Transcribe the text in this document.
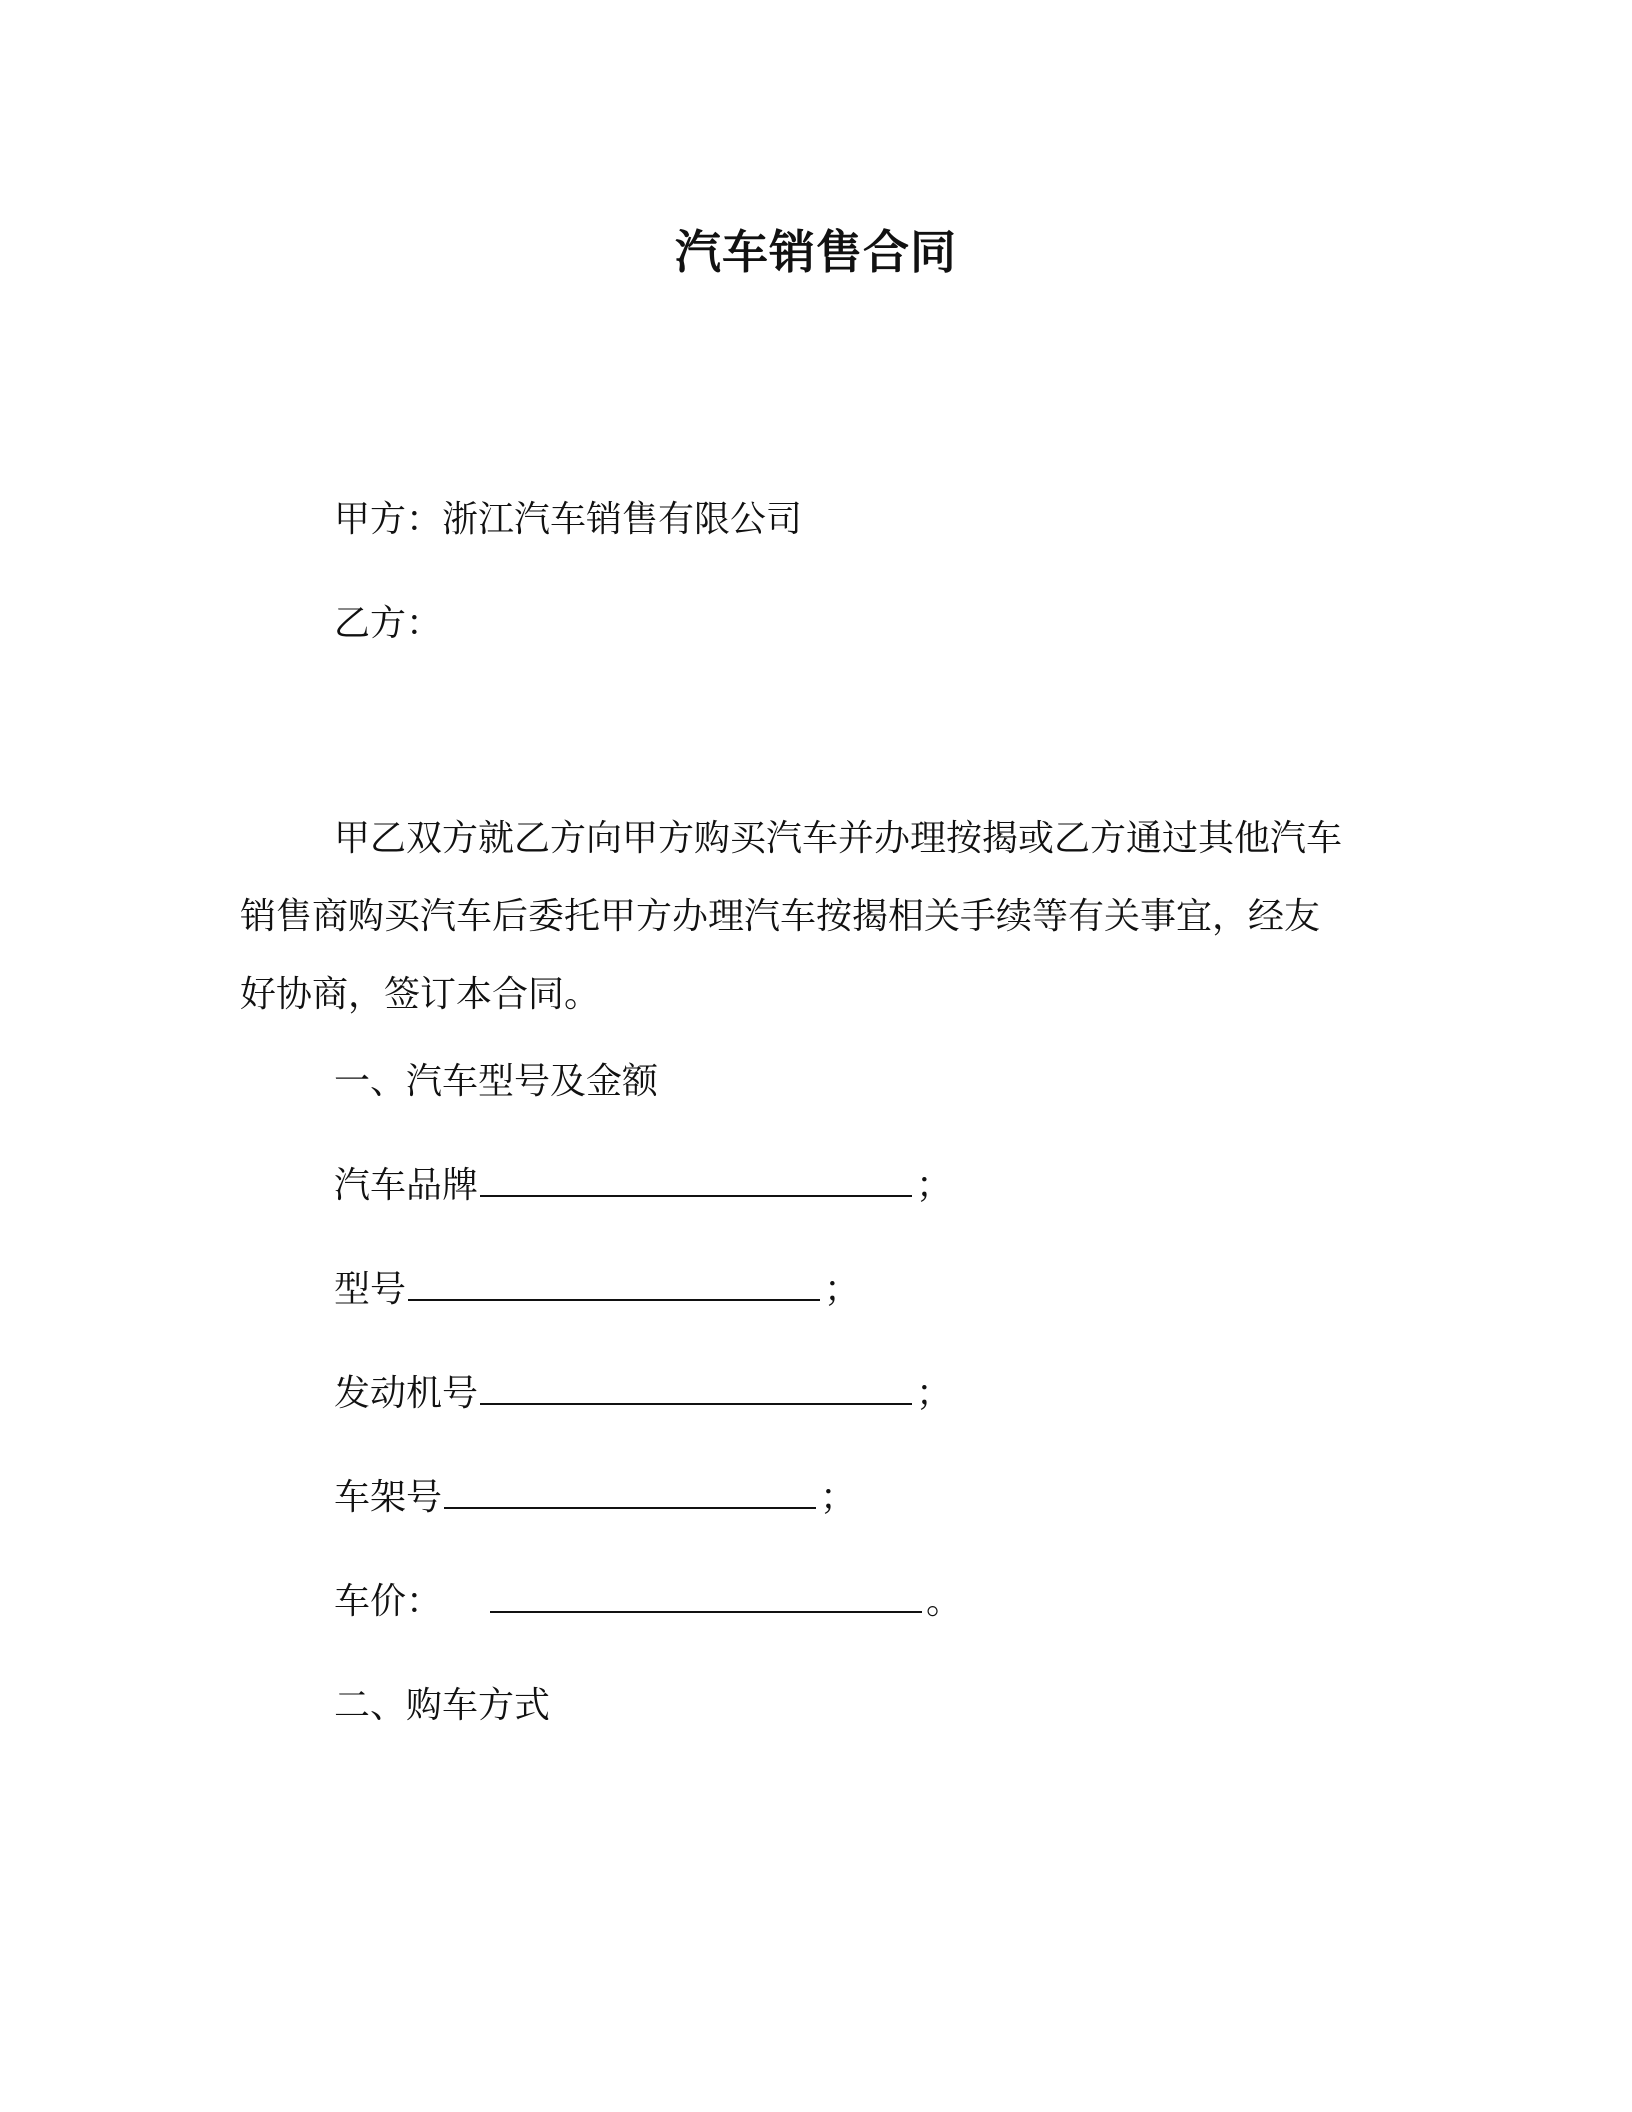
汽车销售合同
甲方：浙江汽车销售有限公司
乙方：
甲乙双方就乙方向甲方购买汽车并办理按揭或乙方通过其他汽车
销售商购买汽车后委托甲方办理汽车按揭相关手续等有关事宜，经友
好协商，签订本合同。
一、汽车型号及金额
汽车品牌	；
型号	；
发动机号	；
车架号	；
车价：	。
二、购车方式
